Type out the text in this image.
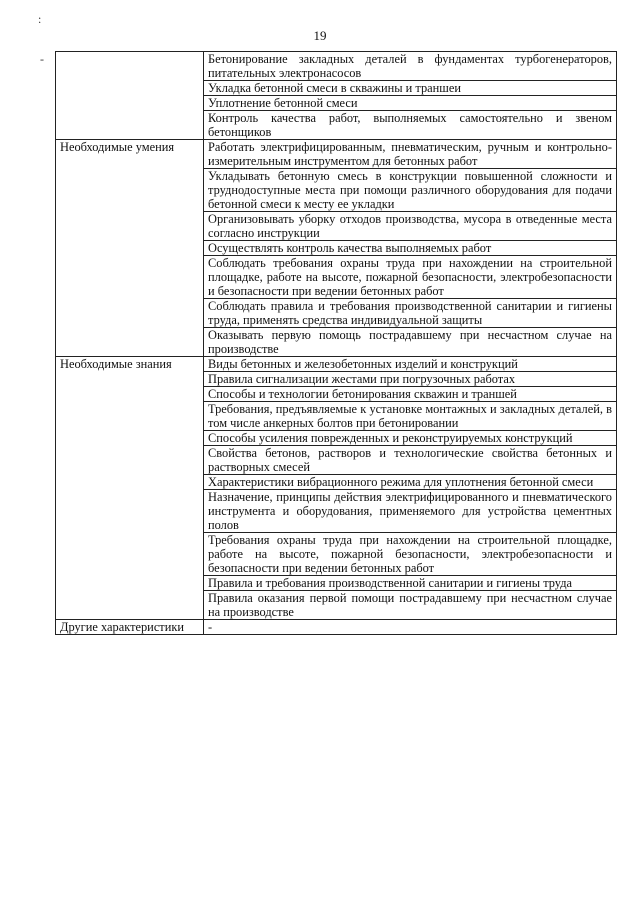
19
:
-
		Бетонирование закладных деталей в фундаментах турбогенераторов, питательных электронасосов
	Укладка бетонной смеси в скважины и траншеи
	Уплотнение бетонной смеси
	Контроль качества работ, выполняемых самостоятельно и звеном бетонщиков
Необходимые умения	Работать электрифицированным, пневматическим, ручным и контрольно-измерительным инструментом для бетонных работ
	Укладывать бетонную смесь в конструкции повышенной сложности и труднодоступные места при помощи различного оборудования для подачи бетонной смеси к месту ее укладки
	Организовывать уборку отходов производства, мусора в отведенные места согласно инструкции
	Осуществлять контроль качества выполняемых работ
	Соблюдать требования охраны труда при нахождении на строительной площадке, работе на высоте, пожарной безопасности, электробезопасности и безопасности при ведении бетонных работ
	Соблюдать правила и требования производственной санитарии и гигиены труда, применять средства индивидуальной защиты
	Оказывать первую помощь пострадавшему при несчастном случае на производстве
Необходимые знания	Виды бетонных и железобетонных изделий и конструкций
	Правила сигнализации жестами при погрузочных работах
	Способы и технологии бетонирования скважин и траншей
	Требования, предъявляемые к установке монтажных и закладных деталей, в том числе анкерных болтов при бетонировании
	Способы усиления поврежденных и реконструируемых конструкций
	Свойства бетонов, растворов и технологические свойства бетонных и растворных смесей
	Характеристики вибрационного режима для уплотнения бетонной смеси
	Назначение, принципы действия электрифицированного и пневматического инструмента и оборудования, применяемого для устройства цементных полов
	Требования охраны труда при нахождении на строительной площадке, работе на высоте, пожарной безопасности, электробезопасности и безопасности при ведении бетонных работ
	Правила и требования производственной санитарии и гигиены труда
	Правила оказания первой помощи пострадавшему при несчастном случае на производстве
Другие характеристики	-
